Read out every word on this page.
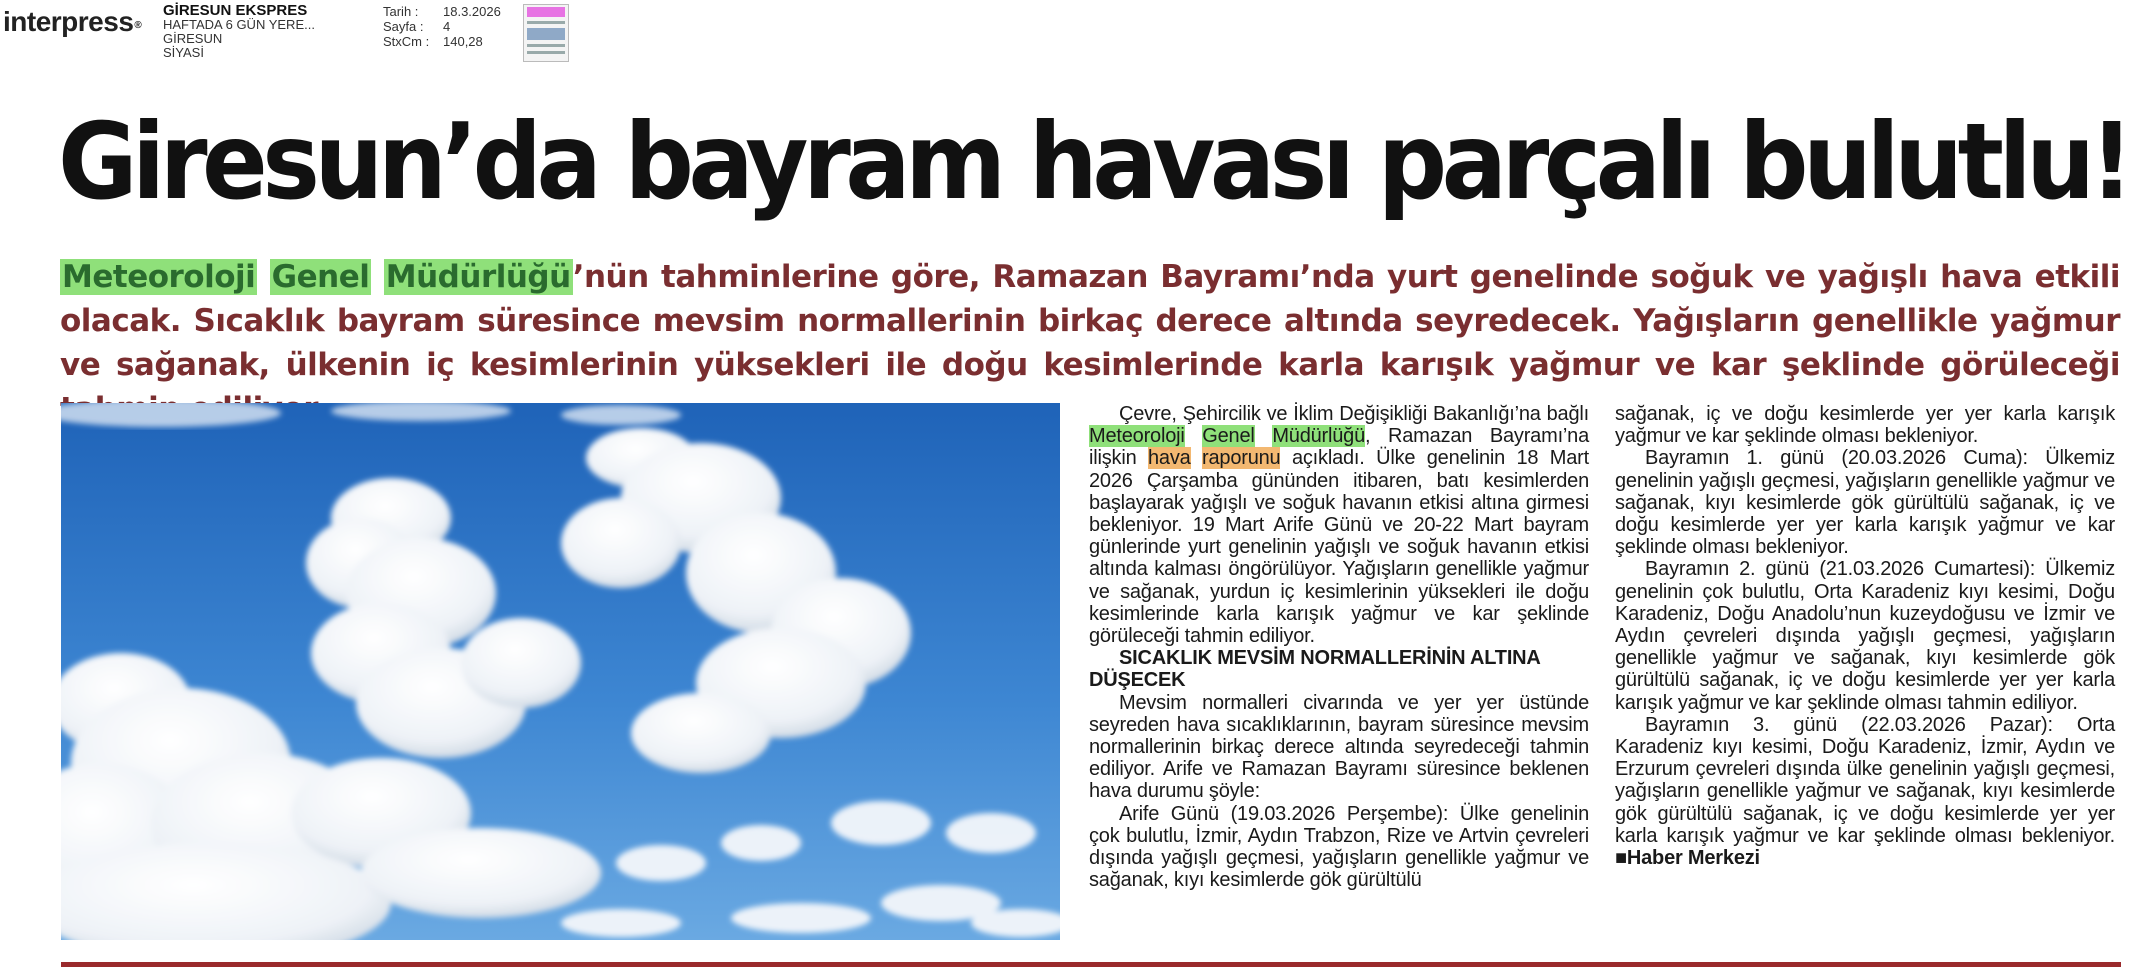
interpress®
GİRESUN EKSPRES
HAFTADA 6 GÜN YERE...
GİRESUN
SİYASİ
Tarih :	18.3.2026
Sayfa :	4
StxCm :	140,28
Giresun’da bayram havası parçalı bulutlu!
Meteoroloji Genel Müdürlüğü’nün tahminlerine göre, Ramazan Bayramı’nda yurt genelinde soğuk ve yağışlı hava etkili olacak. Sıcaklık bayram süresince mevsim normallerinin birkaç derece altında seyredecek. Yağışların genellikle yağmur ve sağanak, ülkenin iç kesimlerinin yüksekleri ile doğu kesimlerinde karla karışık yağmur ve kar şeklinde görüleceği

Çevre, Şehircilik ve İklim Değişikliği Bakanlığı’na bağlı Meteoroloji Genel Müdürlüğü, Ramazan Bayramı’na ilişkin hava raporunu açıkladı. Ülke genelinin 18 Mart 2026 Çarşamba gününden itibaren, batı kesimlerden başlayarak yağışlı ve soğuk havanın etkisi altına girmesi bekleniyor. 19 Mart Arife Günü ve 20-22 Mart bayram günlerinde yurt genelinin yağışlı ve soğuk havanın etkisi altında kalması öngörülüyor. Yağışların genellikle yağmur ve sağanak, yurdun iç kesimlerinin yüksekleri ile doğu kesimlerinde karla karışık yağmur ve kar şeklinde görüleceği tahmin ediliyor.

SICAKLIK MEVSİM NORMALLERİNİN ALTINA DÜŞECEK

Mevsim normalleri civarında ve yer yer üstünde seyreden hava sıcaklıklarının, bayram süresince mevsim normallerinin birkaç derece altında seyredeceği tahmin ediliyor. Arife ve Ramazan Bayramı süresince beklenen hava durumu şöyle:

Arife Günü (19.03.2026 Perşembe): Ülke genelinin çok bulutlu, İzmir, Aydın Trabzon, Rize ve Artvin çevreleri dışında yağışlı geçmesi, yağışların genellikle yağmur ve sağanak, kıyı kesimlerde gök gürültülü

sağanak, iç ve doğu kesimlerde yer yer karla karışık yağmur ve kar şeklinde olması bekleniyor.

Bayramın 1. günü (20.03.2026 Cuma): Ülkemiz genelinin yağışlı geçmesi, yağışların genellikle yağmur ve sağanak, kıyı kesimlerde gök gürültülü sağanak, iç ve doğu kesimlerde yer yer karla karışık yağmur ve kar şeklinde olması bekleniyor.

Bayramın 2. günü (21.03.2026 Cumartesi): Ülkemiz genelinin çok bulutlu, Orta Karadeniz kıyı kesimi, Doğu Karadeniz, Doğu Anadolu’nun kuzeydoğusu ve İzmir ve Aydın çevreleri dışında yağışlı geçmesi, yağışların genellikle yağmur ve sağanak, kıyı kesimlerde gök gürültülü sağanak, iç ve doğu kesimlerde yer yer karla karışık yağmur ve kar şeklinde olması tahmin ediliyor.

Bayramın 3. günü (22.03.2026 Pazar): Orta Karadeniz kıyı kesimi, Doğu Karadeniz, İzmir, Aydın ve Erzurum çevreleri dışında ülke genelinin yağışlı geçmesi, yağışların genellikle yağmur ve sağanak, kıyı kesimlerde gök gürültülü sağanak, iç ve doğu kesimlerde yer yer karla karışık yağmur ve kar şeklinde olması bekleniyor. ■Haber Merkezi
